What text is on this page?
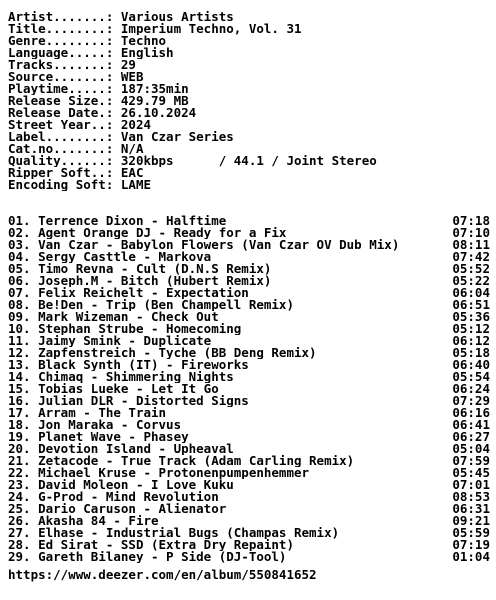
Artist.......: Various Artists
Title........: Imperium Techno, Vol. 31
Genre........: Techno
Language.....: English
Tracks.......: 29
Source.......: WEB
Playtime.....: 187:35min
Release Size.: 429.79 MB
Release Date.: 26.10.2024
Street Year..: 2024
Label........: Van Czar Series
Cat.no.......: N/A
Quality......: 320kbps      / 44.1 / Joint Stereo
Ripper Soft..: EAC
Encoding Soft: LAME
01. Terrence Dixon - Halftime	07:18
02. Agent Orange DJ - Ready for a Fix	07:10
03. Van Czar - Babylon Flowers (Van Czar OV Dub Mix)	08:11
04. Sergy Casttle - Markova	07:42
05. Timo Revna - Cult (D.N.S Remix)	05:52
06. Joseph.M - Bitch (Hubert Remix)	05:22
07. Felix Reichelt - Expectation	06:04
08. Be!Den - Trip (Ben Champell Remix)	06:51
09. Mark Wizeman - Check Out	05:36
10. Stephan Strube - Homecoming	05:12
11. Jaimy Smink - Duplicate	06:12
12. Zapfenstreich - Tyche (BB Deng Remix)	05:18
13. Black Synth (IT) - Fireworks	06:40
14. Chimaq - Shimmering Nights	05:54
15. Tobias Lueke - Let It Go	06:24
16. Julian DLR - Distorted Signs	07:29
17. Arram - The Train	06:16
18. Jon Maraka - Corvus	06:41
19. Planet Wave - Phasey	06:27
20. Devotion Island - Upheaval	05:04
21. Zetacode - True Track (Adam Carling Remix)	07:59
22. Michael Kruse - Protonenpumpenhemmer	05:45
23. David Moleon - I Love Kuku	07:01
24. G-Prod - Mind Revolution	08:53
25. Dario Caruson - Alienator	06:31
26. Akasha 84 - Fire	09:21
27. Elhase - Industrial Bugs (Champas Remix)	05:59
28. Ed Sirat - SSD (Extra Dry Repaint)	07:19
29. Gareth Bilaney - P Side (DJ-Tool)	01:04
https://www.deezer.com/en/album/550841652
